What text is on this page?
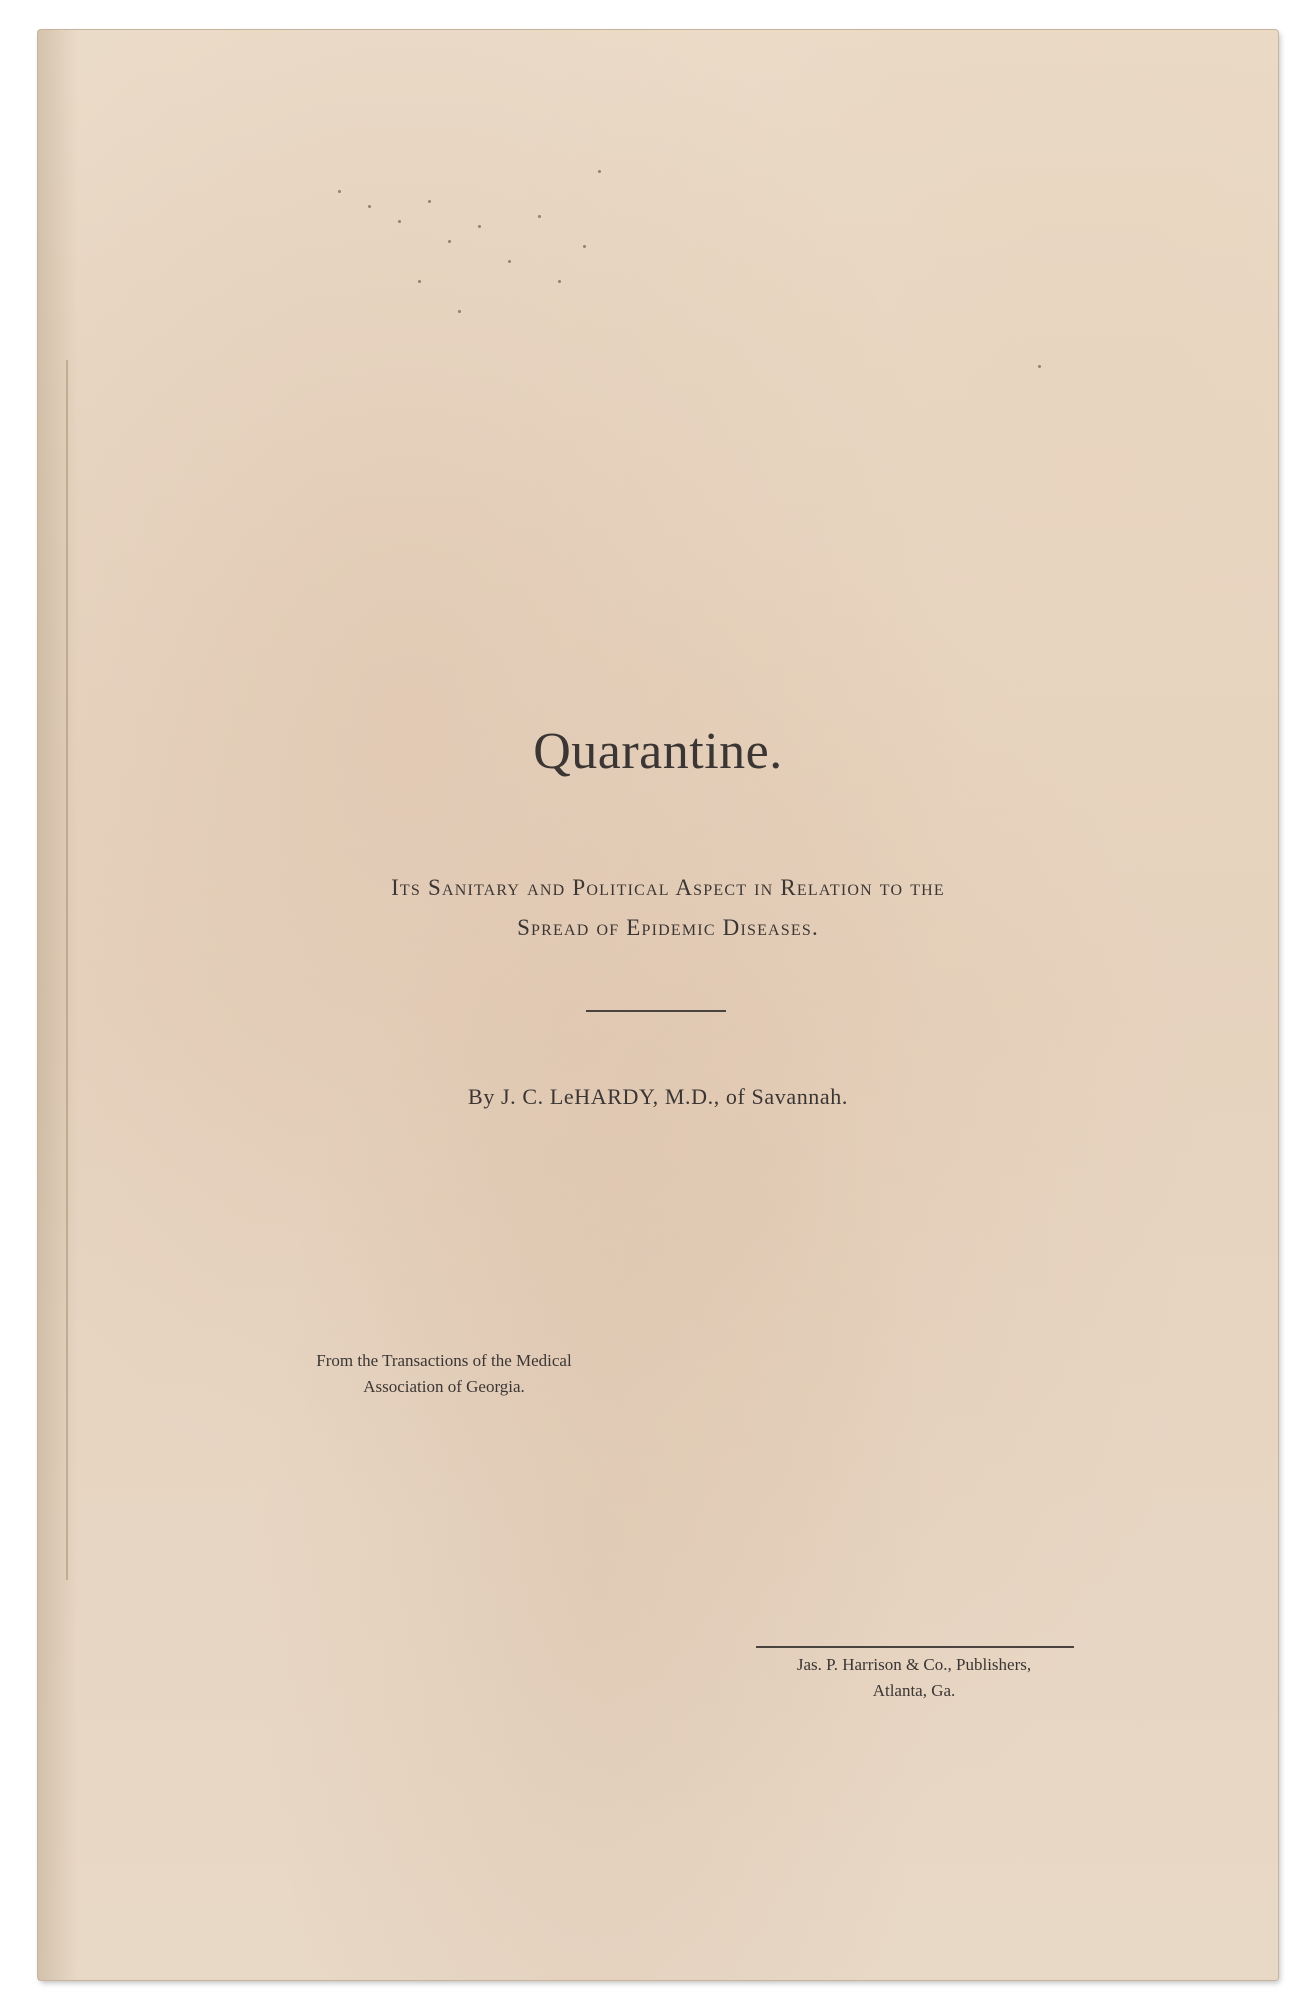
Quarantine.
Its Sanitary and Political Aspect in Relation to the
Spread of Epidemic Diseases.
By J. C. LeHARDY, M.D., of Savannah.
From the Transactions of the Medical
Association of Georgia.
Jas. P. Harrison & Co., Publishers,
Atlanta, Ga.
